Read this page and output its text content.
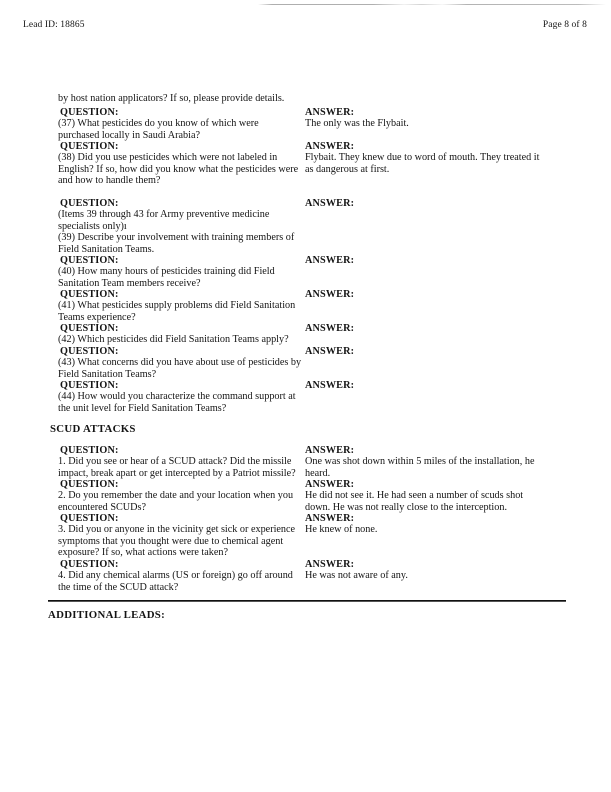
Lead ID: 18865	Page 8 of 8
by host nation applicators? If so, please provide details.
QUESTION:
(37) What pesticides do you know of which were
purchased locally in Saudi Arabia?
ANSWER:
The only was the Flybait.
QUESTION:
(38) Did you use pesticides which were not labeled in
English? If so, how did you know what the pesticides were
and how to handle them?
ANSWER:
Flybait. They knew due to word of mouth. They treated it
as dangerous at first.
QUESTION:
(Items 39 through 43 for Army preventive medicine
specialists only)ı
(39) Describe your involvement with training members of
Field Sanitation Teams.
ANSWER:
QUESTION:
(40) How many hours of pesticides training did Field
Sanitation Team members receive?
ANSWER:
QUESTION:
(41) What pesticides supply problems did Field Sanitation
Teams experience?
ANSWER:
QUESTION:
(42) Which pesticides did Field Sanitation Teams apply?
ANSWER:
QUESTION:
(43) What concerns did you have about use of pesticides by
Field Sanitation Teams?
ANSWER:
QUESTION:
(44) How would you characterize the command support at
the unit level for Field Sanitation Teams?
ANSWER:
SCUD ATTACKS
QUESTION:
1. Did you see or hear of a SCUD attack? Did the missile
impact, break apart or get intercepted by a Patriot missile?
ANSWER:
One was shot down within 5 miles of the installation, he
heard.
QUESTION:
2. Do you remember the date and your location when you
encountered SCUDs?
ANSWER:
He did not see it. He had seen a number of scuds shot
down. He was not really close to the interception.
QUESTION:
3. Did you or anyone in the vicinity get sick or experience
symptoms that you thought were due to chemical agent
exposure? If so, what actions were taken?
ANSWER:
He knew of none.
QUESTION:
4. Did any chemical alarms (US or foreign) go off around
the time of the SCUD attack?
ANSWER:
He was not aware of any.
ADDITIONAL LEADS:
